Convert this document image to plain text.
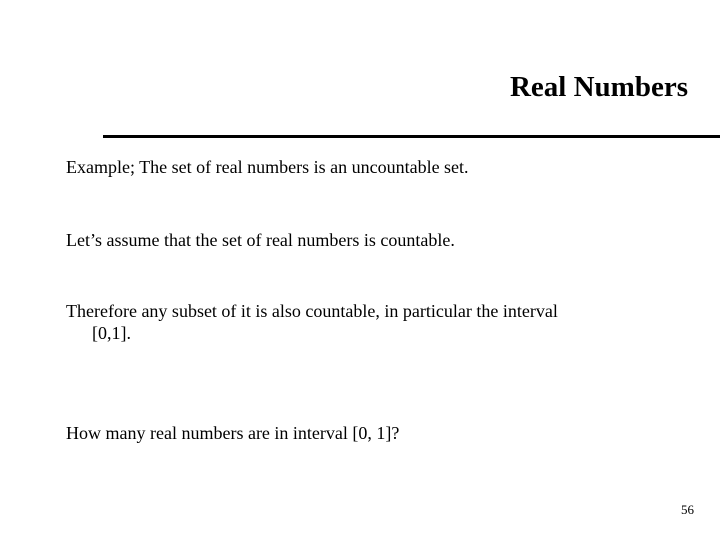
Real Numbers
Example; The set of real numbers is an uncountable set.
Let’s assume that the set of real numbers is countable.
Therefore any subset of it is also countable, in particular the interval
[0,1].
How many real numbers are in interval [0, 1]?
56
